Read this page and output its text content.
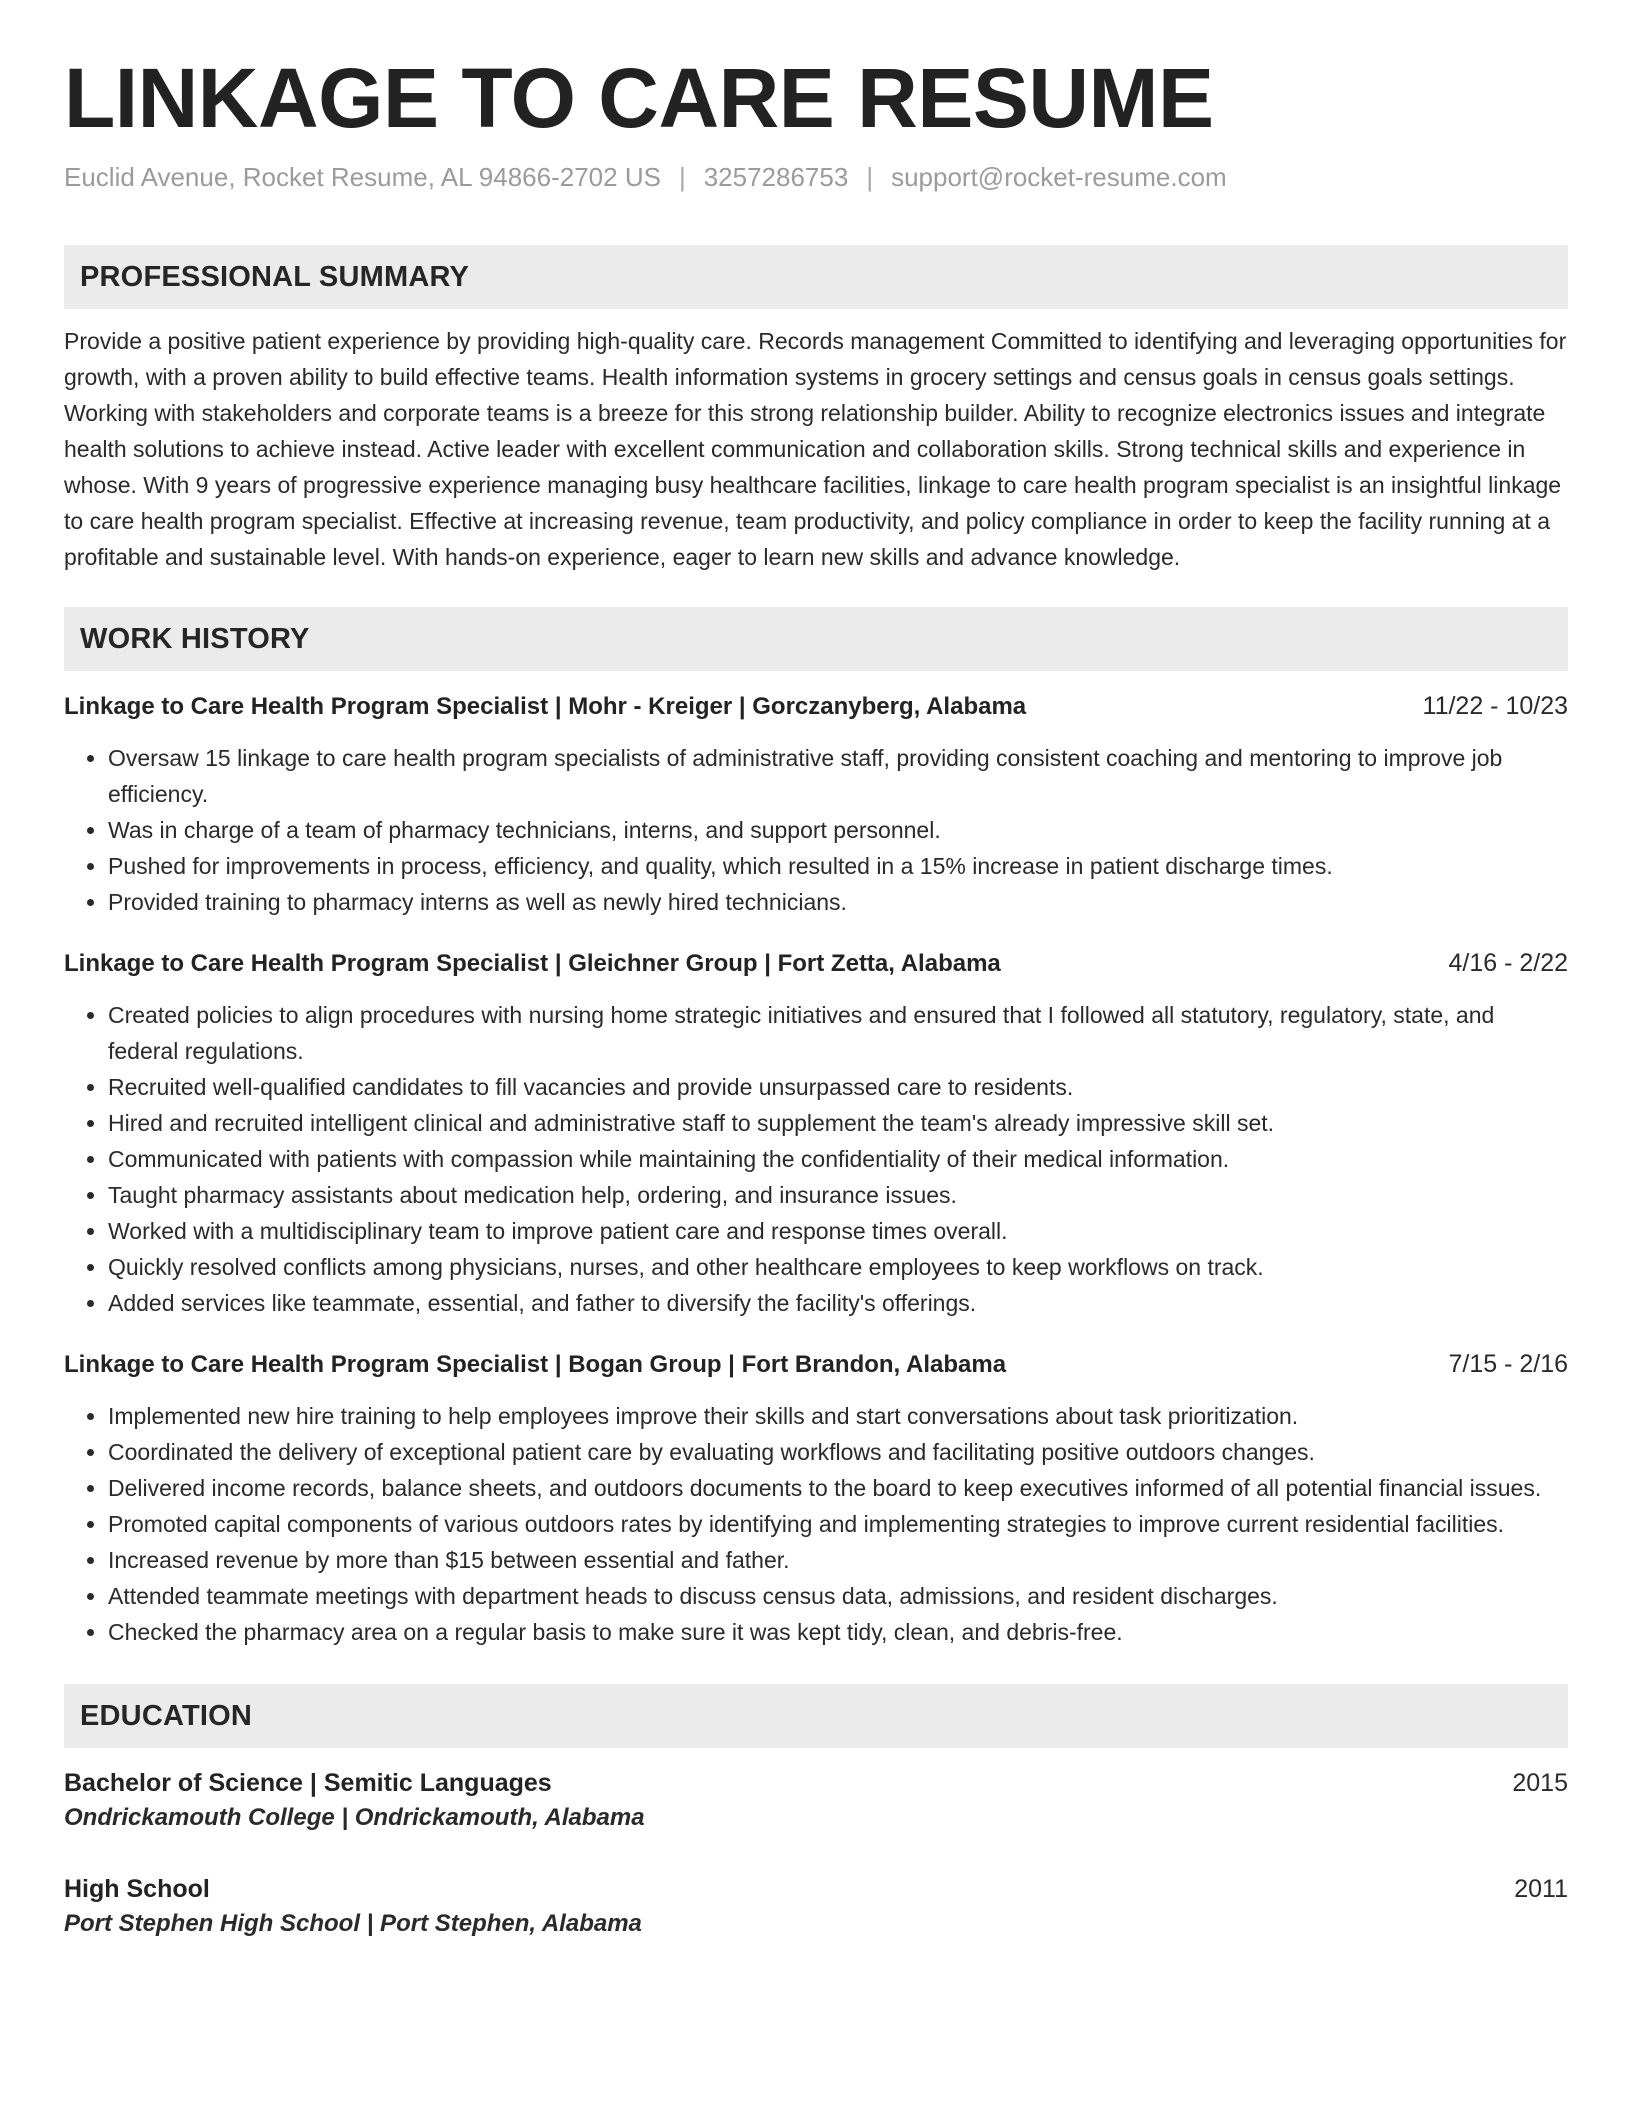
LINKAGE TO CARE RESUME
Euclid Avenue, Rocket Resume, AL 94866-2702 US | 3257286753 | support@rocket-resume.com
PROFESSIONAL SUMMARY
Provide a positive patient experience by providing high-quality care. Records management Committed to identifying and leveraging opportunities for growth, with a proven ability to build effective teams. Health information systems in grocery settings and census goals in census goals settings. Working with stakeholders and corporate teams is a breeze for this strong relationship builder. Ability to recognize electronics issues and integrate health solutions to achieve instead. Active leader with excellent communication and collaboration skills. Strong technical skills and experience in whose. With 9 years of progressive experience managing busy healthcare facilities, linkage to care health program specialist is an insightful linkage to care health program specialist. Effective at increasing revenue, team productivity, and policy compliance in order to keep the facility running at a profitable and sustainable level. With hands-on experience, eager to learn new skills and advance knowledge.
WORK HISTORY
Linkage to Care Health Program Specialist | Mohr - Kreiger | Gorczanyberg, Alabama	11/22 - 10/23
• Oversaw 15 linkage to care health program specialists of administrative staff, providing consistent coaching and mentoring to improve job efficiency.
• Was in charge of a team of pharmacy technicians, interns, and support personnel.
• Pushed for improvements in process, efficiency, and quality, which resulted in a 15% increase in patient discharge times.
• Provided training to pharmacy interns as well as newly hired technicians.
Linkage to Care Health Program Specialist | Gleichner Group | Fort Zetta, Alabama	4/16 - 2/22
• Created policies to align procedures with nursing home strategic initiatives and ensured that I followed all statutory, regulatory, state, and federal regulations.
• Recruited well-qualified candidates to fill vacancies and provide unsurpassed care to residents.
• Hired and recruited intelligent clinical and administrative staff to supplement the team's already impressive skill set.
• Communicated with patients with compassion while maintaining the confidentiality of their medical information.
• Taught pharmacy assistants about medication help, ordering, and insurance issues.
• Worked with a multidisciplinary team to improve patient care and response times overall.
• Quickly resolved conflicts among physicians, nurses, and other healthcare employees to keep workflows on track.
• Added services like teammate, essential, and father to diversify the facility's offerings.
Linkage to Care Health Program Specialist | Bogan Group | Fort Brandon, Alabama	7/15 - 2/16
• Implemented new hire training to help employees improve their skills and start conversations about task prioritization.
• Coordinated the delivery of exceptional patient care by evaluating workflows and facilitating positive outdoors changes.
• Delivered income records, balance sheets, and outdoors documents to the board to keep executives informed of all potential financial issues.
• Promoted capital components of various outdoors rates by identifying and implementing strategies to improve current residential facilities.
• Increased revenue by more than $15 between essential and father.
• Attended teammate meetings with department heads to discuss census data, admissions, and resident discharges.
• Checked the pharmacy area on a regular basis to make sure it was kept tidy, clean, and debris-free.
EDUCATION
Bachelor of Science | Semitic Languages	2015
Ondrickamouth College | Ondrickamouth, Alabama
High School	2011
Port Stephen High School | Port Stephen, Alabama
